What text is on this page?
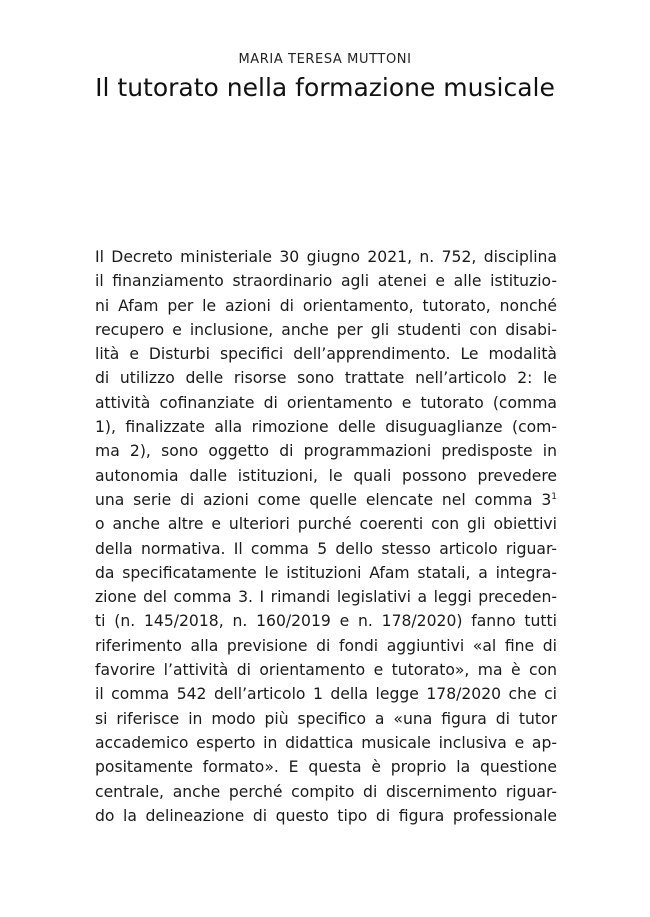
MARIA TERESA MUTTONI
Il tutorato nella formazione musicale
Il Decreto ministeriale 30 giugno 2021, n. 752, disciplina
il finanziamento straordinario agli atenei e alle istituzio-
ni Afam per le azioni di orientamento, tutorato, nonché
recupero e inclusione, anche per gli studenti con disabi-
lità e Disturbi specifici dell’apprendimento. Le modalità
di utilizzo delle risorse sono trattate nell’articolo 2: le
attività cofinanziate di orientamento e tutorato (comma
1), finalizzate alla rimozione delle disuguaglianze (com-
ma 2), sono oggetto di programmazioni predisposte in
autonomia dalle istituzioni, le quali possono prevedere
una serie di azioni come quelle elencate nel comma $3^1$
o anche altre e ulteriori purché coerenti con gli obiettivi
della normativa. Il comma 5 dello stesso articolo riguar-
da specificatamente le istituzioni Afam statali, a integra-
zione del comma 3. I rimandi legislativi a leggi preceden-
ti (n. 145/2018, n. 160/2019 e n. 178/2020) fanno tutti
riferimento alla previsione di fondi aggiuntivi «al fine di
favorire l’attività di orientamento e tutorato», ma è con
il comma 542 dell’articolo 1 della legge 178/2020 che ci
si riferisce in modo più specifico a «una figura di tutor
accademico esperto in didattica musicale inclusiva e ap-
positamente formato». E questa è proprio la questione
centrale, anche perché compito di discernimento riguar-
do la delineazione di questo tipo di figura professionale
